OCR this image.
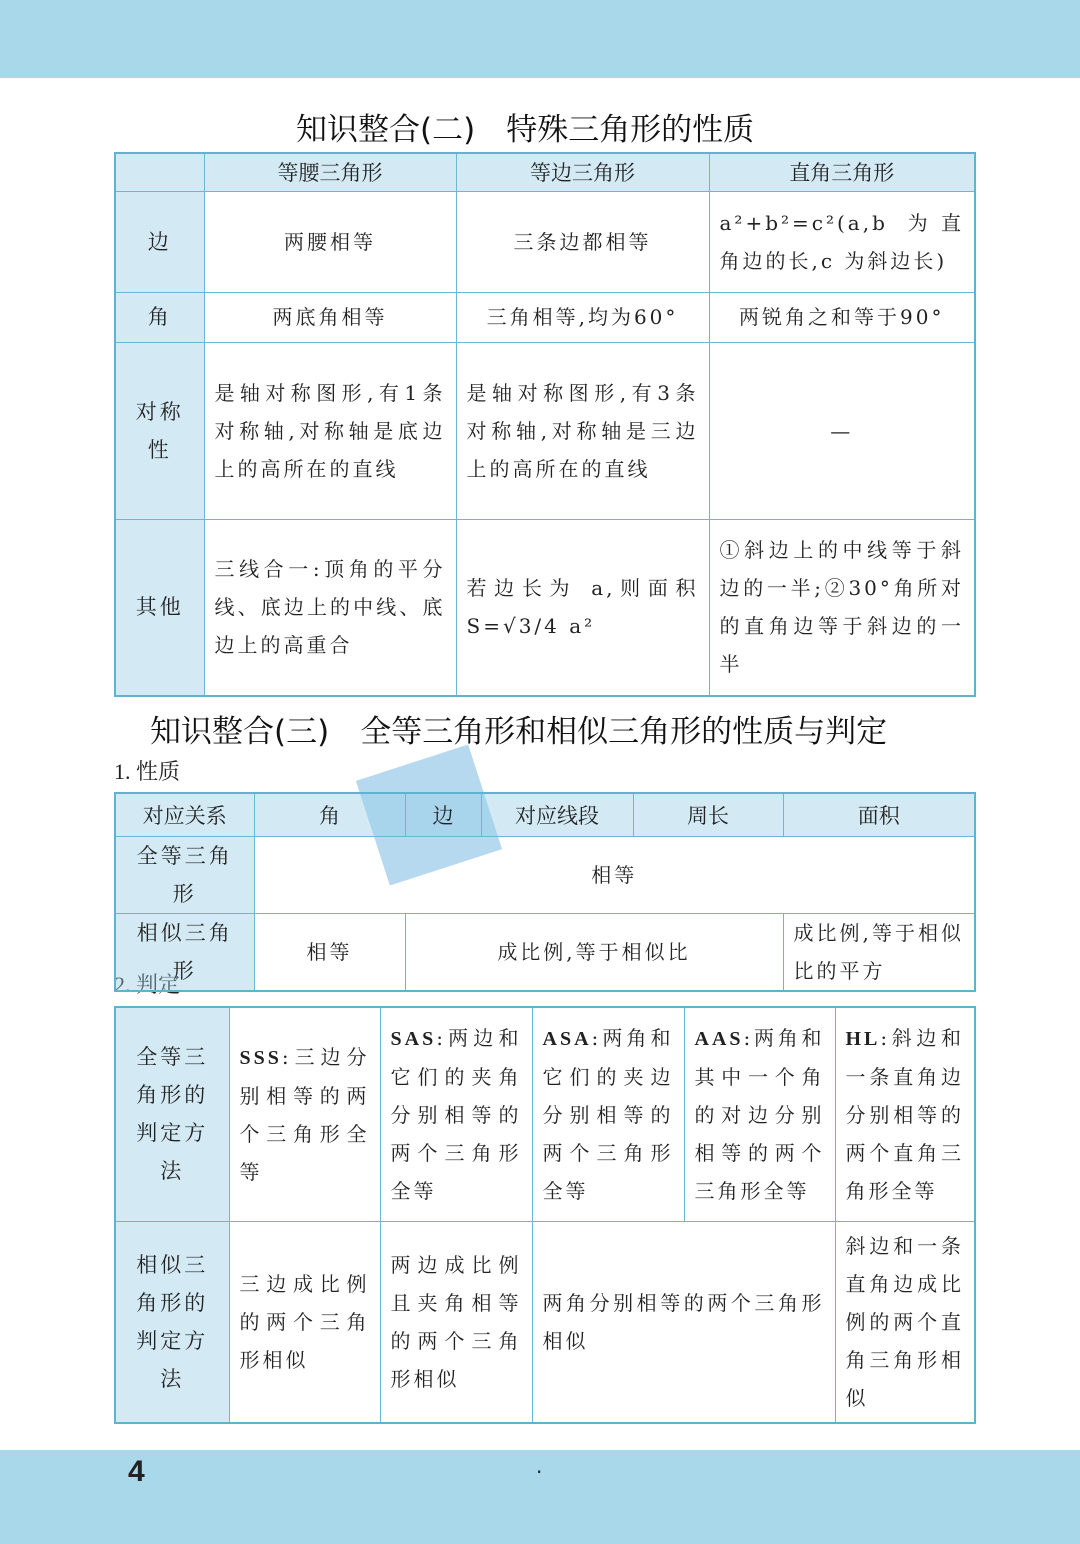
知识整合(二)　特殊三角形的性质
	等腰三角形	等边三角形	直角三角形
边	两腰相等	三条边都相等	a²+b²=c²(a,b 为直角边的长,c 为斜边长)
角	两底角相等	三角相等,均为60°	两锐角之和等于90°
对称性	是轴对称图形,有1条对称轴,对称轴是底边上的高所在的直线	是轴对称图形,有3条对称轴,对称轴是三边上的高所在的直线	—
其他	三线合一:顶角的平分线、底边上的中线、底边上的高重合	若边长为 a,则面积 S=√3/4 a²	①斜边上的中线等于斜边的一半;②30°角所对的直角边等于斜边的一半
知识整合(三)　全等三角形和相似三角形的性质与判定
1. 性质
对应关系	角	边	对应线段	周长	面积
全等三角形	相等				
相似三角形	相等	成比例,等于相似比			成比例,等于相似比的平方
2. 判定
全等三角形的判定方法	SSS:三边分别相等的两个三角形全等	SAS:两边和它们的夹角分别相等的两个三角形全等	ASA:两角和它们的夹边分别相等的两个三角形全等	AAS:两角和其中一个角的对边分别相等的两个三角形全等	HL:斜边和一条直角边分别相等的两个直角三角形全等
相似三角形的判定方法	三边成比例的两个三角形相似	两边成比例且夹角相等的两个三角形相似	两角分别相等的两个三角形相似		斜边和一条直角边成比例的两个直角三角形相似
4	·
